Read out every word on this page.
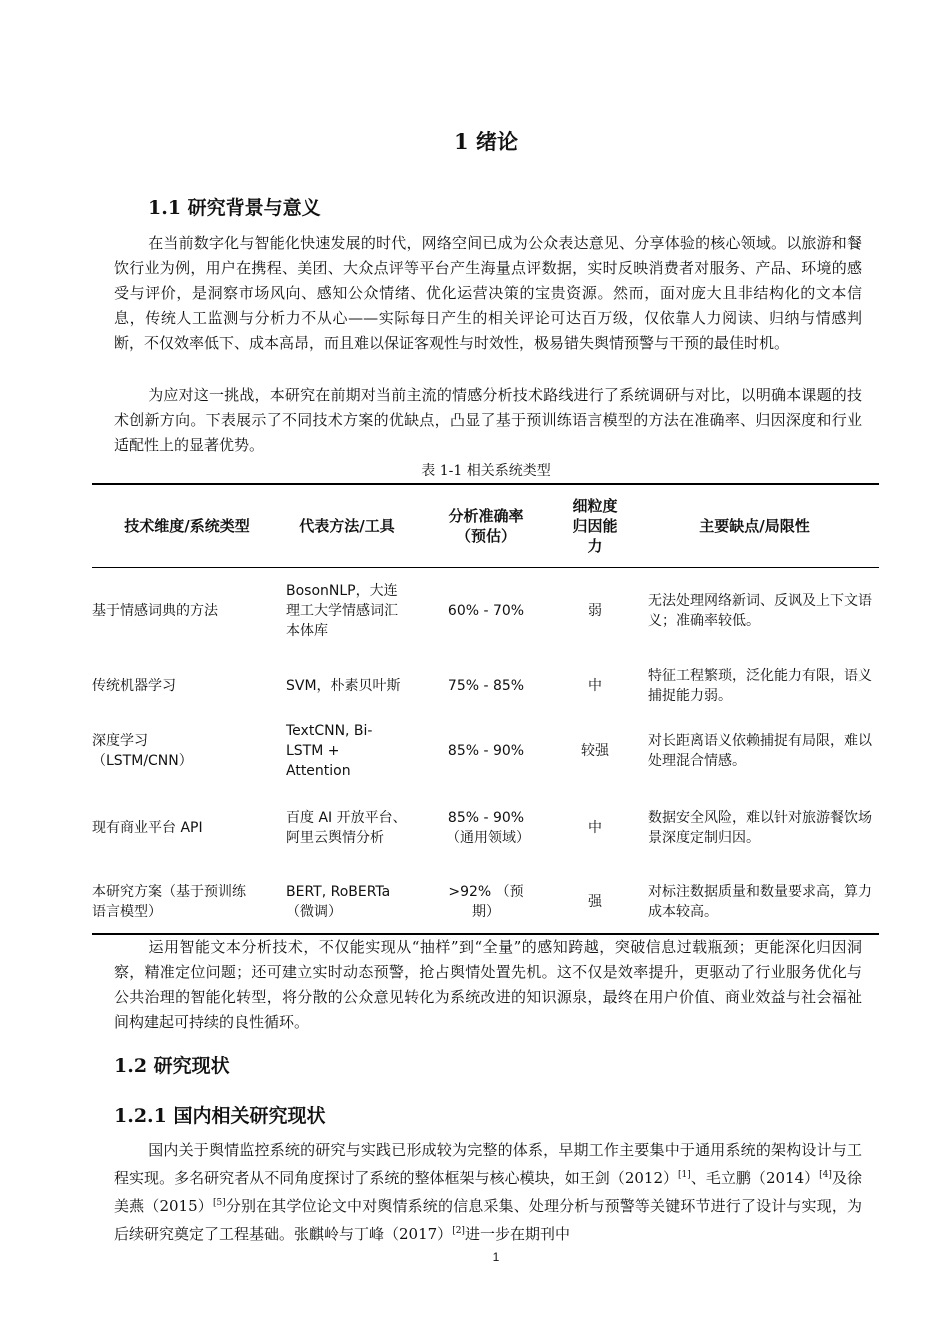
1 绪论
1.1 研究背景与意义

在当前数字化与智能化快速发展的时代，网络空间已成为公众表达意见、分享体验的核心领域。以旅游和餐饮行业为例，用户在携程、美团、大众点评等平台产生海量点评数据，实时反映消费者对服务、产品、环境的感受与评价，是洞察市场风向、感知公众情绪、优化运营决策的宝贵资源。然而，面对庞大且非结构化的文本信息，传统人工监测与分析力不从心——实际每日产生的相关评论可达百万级，仅依靠人力阅读、归纳与情感判断，不仅效率低下、成本高昂，而且难以保证客观性与时效性，极易错失舆情预警与干预的最佳时机。

为应对这一挑战，本研究在前期对当前主流的情感分析技术路线进行了系统调研与对比，以明确本课题的技术创新方向。下表展示了不同技术方案的优缺点，凸显了基于预训练语言模型的方法在准确率、归因深度和行业适配性上的显著优势。

表 1-1 相关系统类型
技术维度/系统类型	代表方法/工具	分析准确率（预估）	细粒度归因能力	主要缺点/局限性
基于情感词典的方法	BosonNLP，大连理工大学情感词汇本体库	60% - 70%	弱	无法处理网络新词、反讽及上下文语义；准确率较低。
传统机器学习	SVM，朴素贝叶斯	75% - 85%	中	特征工程繁琐，泛化能力有限，语义捕捉能力弱。
深度学习（LSTM/CNN）	TextCNN, Bi-LSTM + Attention	85% - 90%	较强	对长距离语义依赖捕捉有局限，难以处理混合情感。
现有商业平台 API	百度 AI 开放平台、阿里云舆情分析	85% - 90%（通用领域）	中	数据安全风险，难以针对旅游餐饮场景深度定制归因。
本研究方案（基于预训练语言模型）	BERT, RoBERTa（微调）	>92% （预期）	强	对标注数据质量和数量要求高，算力成本较高。

运用智能文本分析技术，不仅能实现从“抽样”到“全量”的感知跨越，突破信息过载瓶颈；更能深化归因洞察，精准定位问题；还可建立实时动态预警，抢占舆情处置先机。这不仅是效率提升，更驱动了行业服务优化与公共治理的智能化转型，将分散的公众意见转化为系统改进的知识源泉，最终在用户价值、商业效益与社会福祉间构建起可持续的良性循环。

1.2 研究现状
1.2.1 国内相关研究现状

国内关于舆情监控系统的研究与实践已形成较为完整的体系，早期工作主要集中于通用系统的架构设计与工程实现。多名研究者从不同角度探讨了系统的整体框架与核心模块，如王剑（2012）[1]、毛立鹏（2014）[4]及徐美燕（2015）[5]分别在其学位论文中对舆情系统的信息采集、处理分析与预警等关键环节进行了设计与实现，为后续研究奠定了工程基础。张麒岭与丁峰（2017）[2]进一步在期刊中

1
